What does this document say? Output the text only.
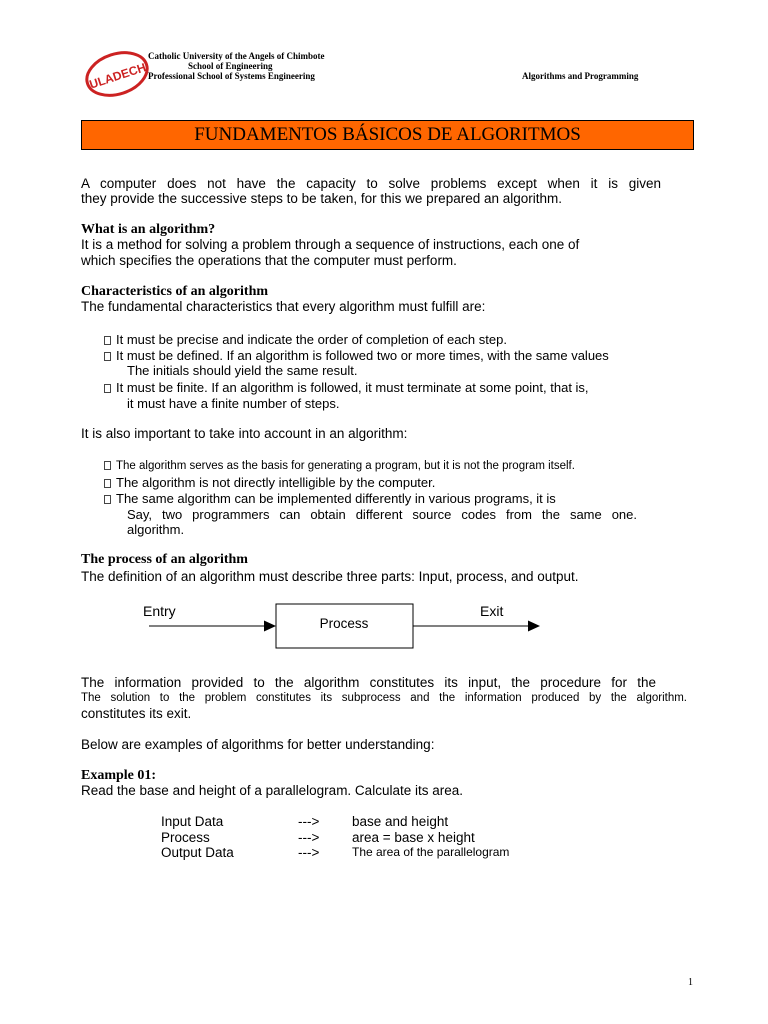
ULADECH
Catholic University of the Angels of Chimbote
School of Engineering
Professional School of Systems Engineering	Algorithms and Programming
FUNDAMENTOS BÁSICOS DE ALGORITMOS
A computer does not have the capacity to solve problems except when it is given
they provide the successive steps to be taken, for this we prepared an algorithm.
What is an algorithm?
It is a method for solving a problem through a sequence of instructions, each one of
which specifies the operations that the computer must perform.
Characteristics of an algorithm
The fundamental characteristics that every algorithm must fulfill are:
It must be precise and indicate the order of completion of each step.
It must be defined. If an algorithm is followed two or more times, with the same values
The initials should yield the same result.
It must be finite. If an algorithm is followed, it must terminate at some point, that is,
it must have a finite number of steps.
It is also important to take into account in an algorithm:
The algorithm serves as the basis for generating a program, but it is not the program itself.
The algorithm is not directly intelligible by the computer.
The same algorithm can be implemented differently in various programs, it is
Say, two programmers can obtain different source codes from the same one.
algorithm.
The process of an algorithm
The definition of an algorithm must describe three parts: Input, process, and output.
Entry
Process
Exit
The information provided to the algorithm constitutes its input, the procedure for the
The solution to the problem constitutes its subprocess and the information produced by the algorithm.
constitutes its exit.
Below are examples of algorithms for better understanding:
Example 01:
Read the base and height of a parallelogram. Calculate its area.
Input Data	--->	base and height
Process	--->	area = base x height
Output Data	--->	The area of the parallelogram
1
